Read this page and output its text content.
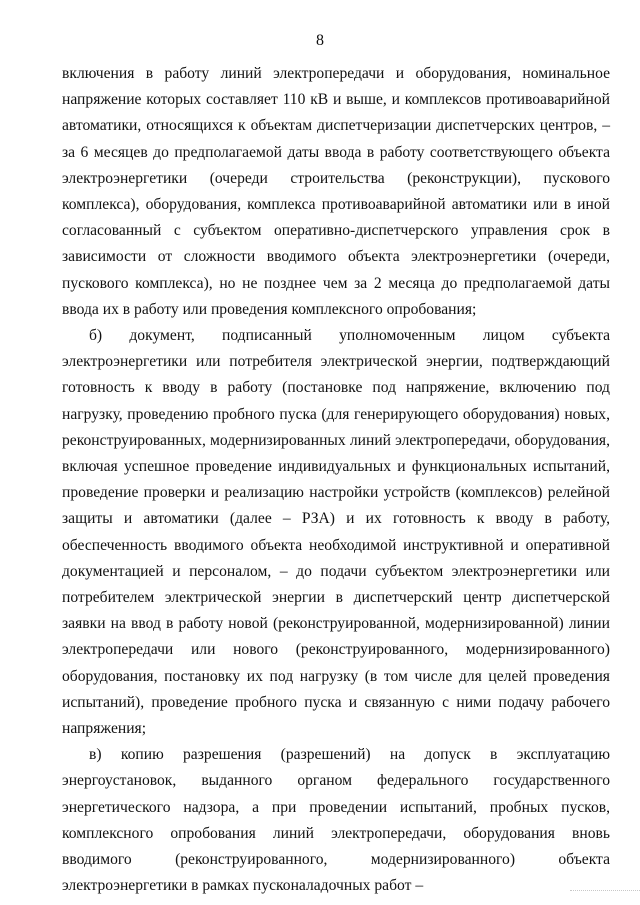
8

включения в работу линий электропередачи и оборудования, номинальное напряжение которых составляет 110 кВ и выше, и комплексов противоаварийной автоматики, относящихся к объектам диспетчеризации диспетчерских центров, – за 6 месяцев до предполагаемой даты ввода в работу соответствующего объекта электроэнергетики (очереди строительства (реконструкции), пускового комплекса), оборудования, комплекса противоаварийной автоматики или в иной согласованный с субъектом оперативно-диспетчерского управления срок в зависимости от сложности вводимого объекта электроэнергетики (очереди, пускового комплекса), но не позднее чем за 2 месяца до предполагаемой даты ввода их в работу или проведения комплексного опробования;

б) документ, подписанный уполномоченным лицом субъекта электроэнергетики или потребителя электрической энергии, подтверждающий готовность к вводу в работу (постановке под напряжение, включению под нагрузку, проведению пробного пуска (для генерирующего оборудования) новых, реконструированных, модернизированных линий электропередачи, оборудования, включая успешное проведение индивидуальных и функциональных испытаний, проведение проверки и реализацию настройки устройств (комплексов) релейной защиты и автоматики (далее – РЗА) и их готовность к вводу в работу, обеспеченность вводимого объекта необходимой инструктивной и оперативной документацией и персоналом, – до подачи субъектом электроэнергетики или потребителем электрической энергии в диспетчерский центр диспетчерской заявки на ввод в работу новой (реконструированной, модернизированной) линии электропередачи или нового (реконструированного, модернизированного) оборудования, постановку их под нагрузку (в том числе для целей проведения испытаний), проведение пробного пуска и связанную с ними подачу рабочего напряжения;

в) копию разрешения (разрешений) на допуск в эксплуатацию энергоустановок, выданного органом федерального государственного энергетического надзора, а при проведении испытаний, пробных пусков, комплексного опробования линий электропередачи, оборудования вновь вводимого (реконструированного, модернизированного) объекта электроэнергетики в рамках пусконаладочных работ –
